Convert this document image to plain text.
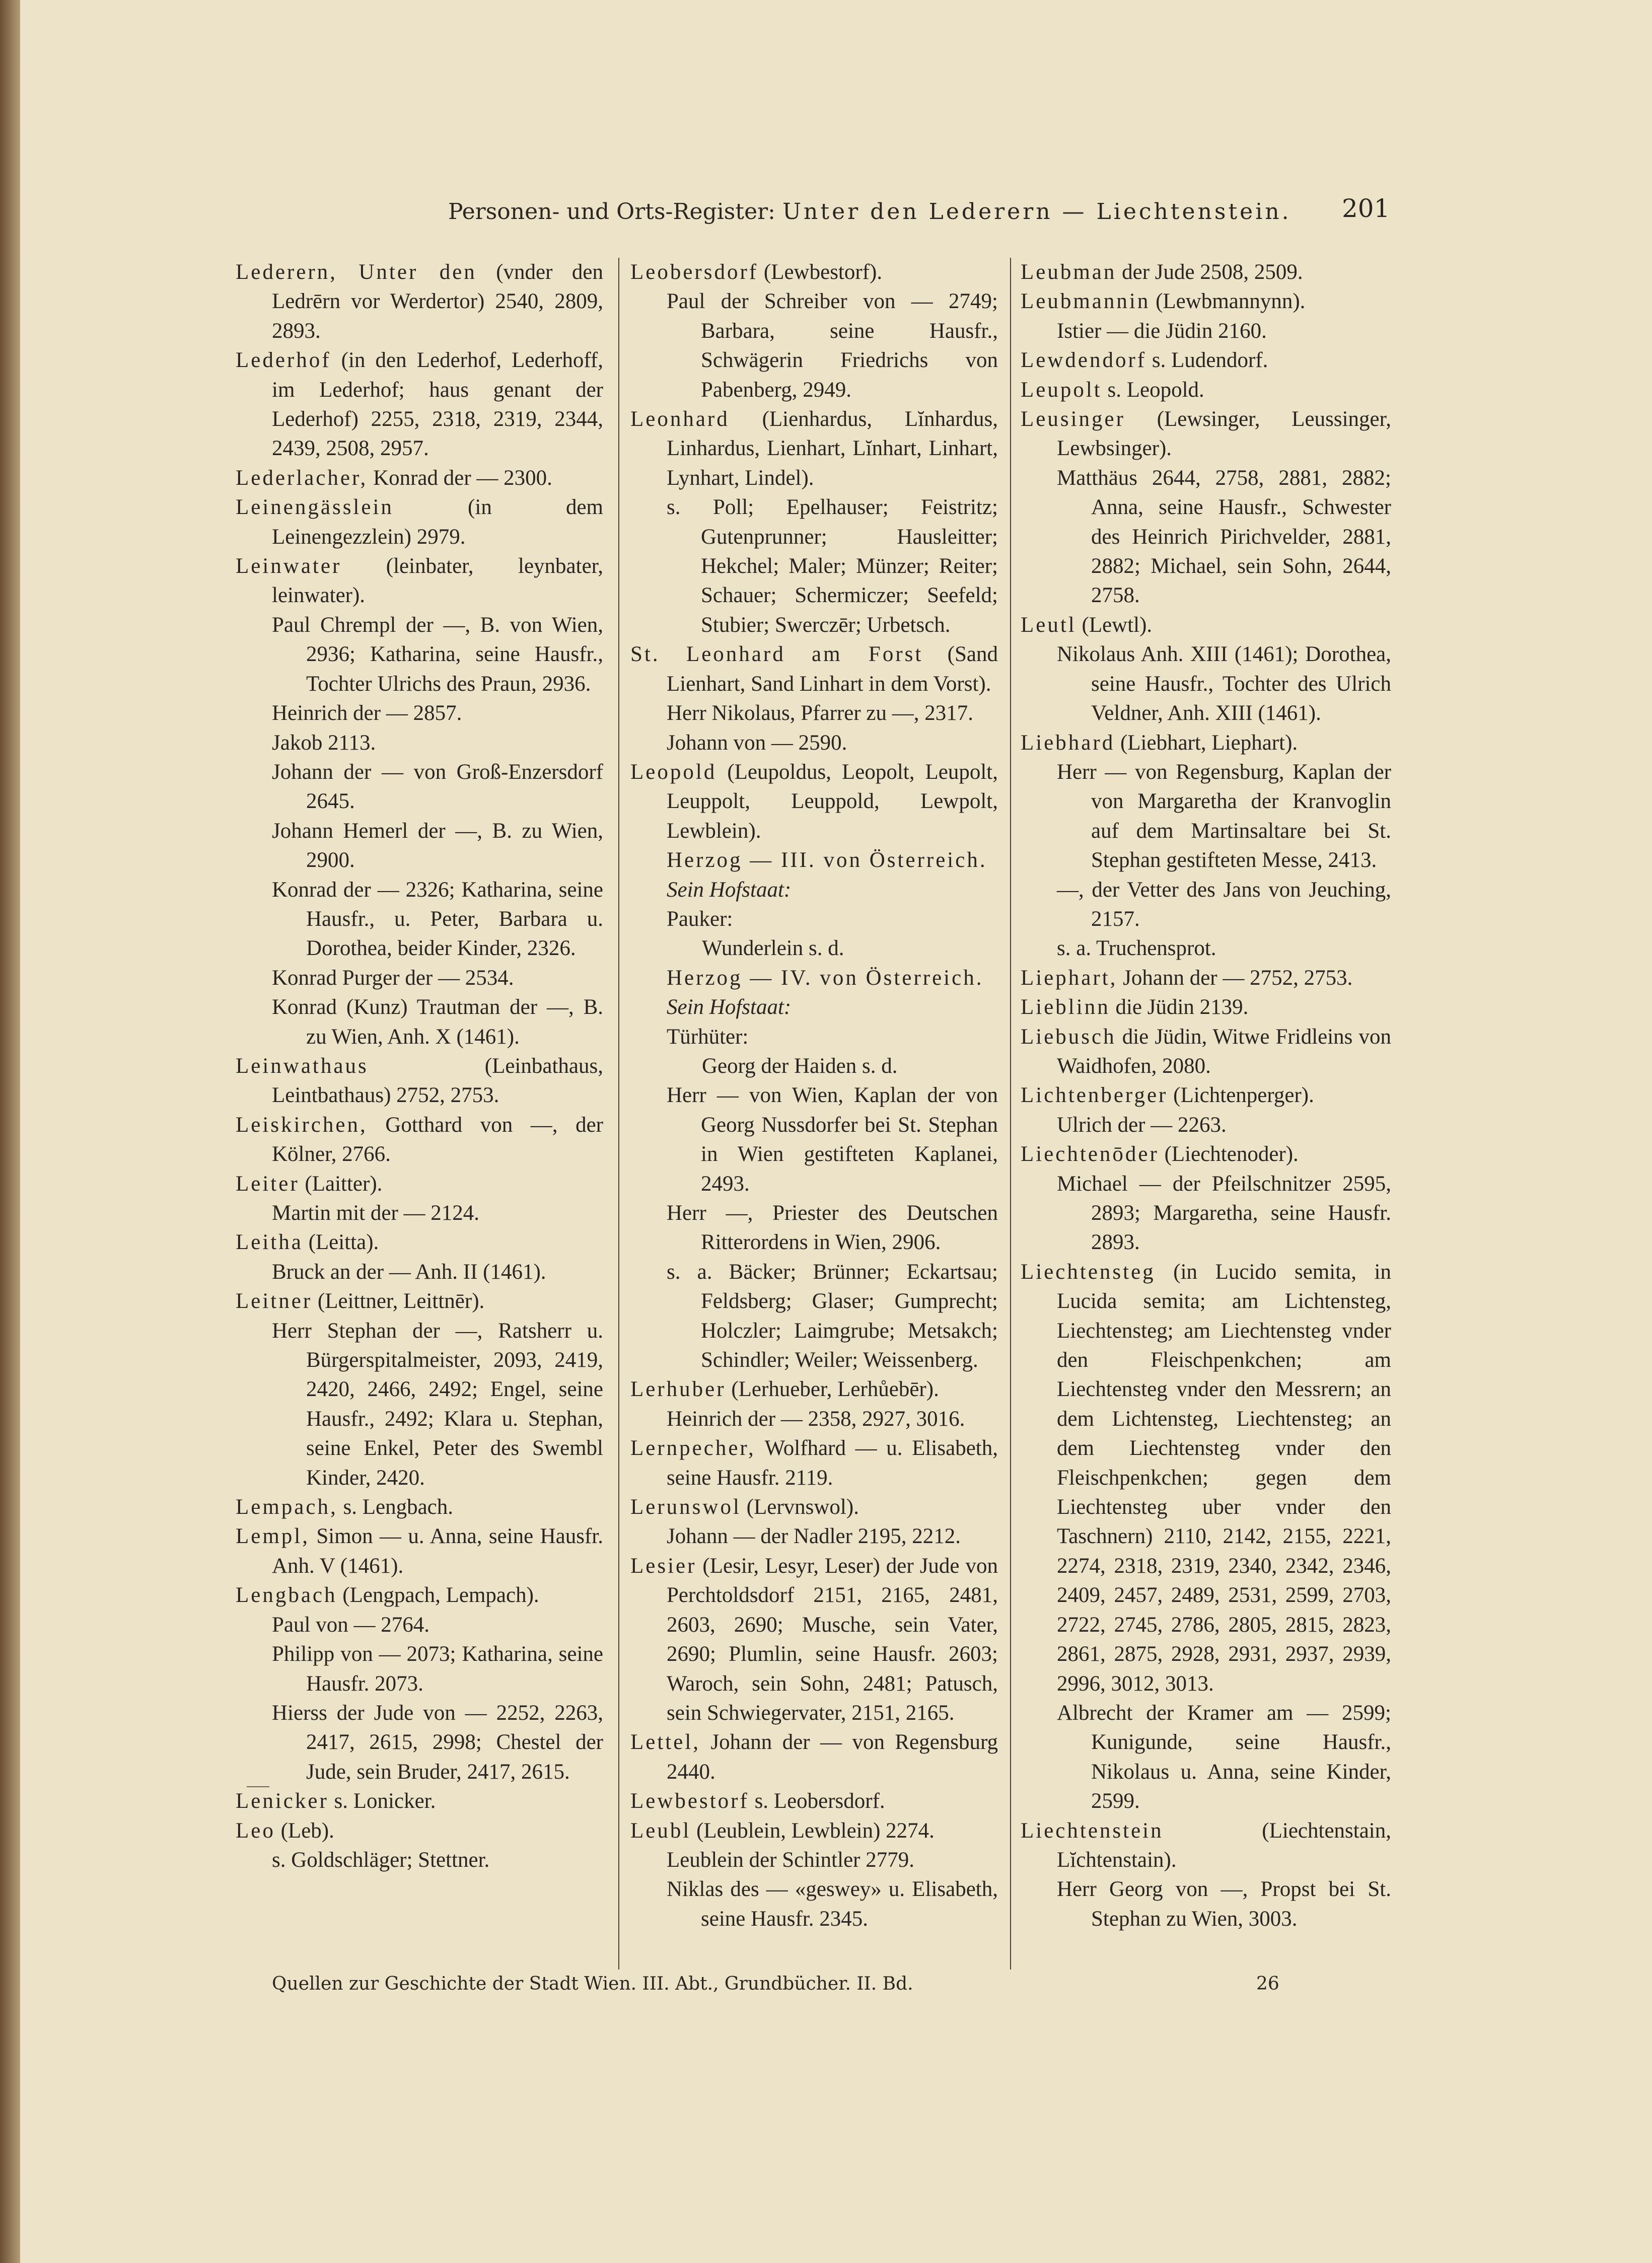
Personen- und Orts-Register: Unter den Lederern — Liechtenstein. 201
Lederern, Unter den (vnder den Ledrērn vor Werdertor) 2540, 2809, 2893.
Lederhof (in den Lederhof, Lederhoff, im Lederhof; haus genant der Lederhof) 2255, 2318, 2319, 2344, 2439, 2508, 2957.
Lederlacher, Konrad der — 2300.
Leinengässlein (in dem Leinengezzlein) 2979.
Leinwater (leinbater, leynbater, leinwater).
Paul Chrempl der —, B. von Wien, 2936; Katharina, seine Hausfr., Tochter Ulrichs des Praun, 2936.
Heinrich der — 2857.
Jakob 2113.
Johann der — von Groß-Enzersdorf 2645.
Johann Hemerl der —, B. zu Wien, 2900.
Konrad der — 2326; Katharina, seine Hausfr., u. Peter, Barbara u. Dorothea, beider Kinder, 2326.
Konrad Purger der — 2534.
Konrad (Kunz) Trautman der —, B. zu Wien, Anh. X (1461).
Leinwathaus (Leinbathaus, Leintbathaus) 2752, 2753.
Leiskirchen, Gotthard von —, der Kölner, 2766.
Leiter (Laitter).
Martin mit der — 2124.
Leitha (Leitta).
Bruck an der — Anh. II (1461).
Leitner (Leittner, Leittnēr).
Herr Stephan der —, Ratsherr u. Bürgerspitalmeister, 2093, 2419, 2420, 2466, 2492; Engel, seine Hausfr., 2492; Klara u. Stephan, seine Enkel, Peter des Swembl Kinder, 2420.
Lempach, s. Lengbach.
Lempl, Simon — u. Anna, seine Hausfr. Anh. V (1461).
Lengbach (Lengpach, Lempach).
Paul von — 2764.
Philipp von — 2073; Katharina, seine Hausfr. 2073.
Hierss der Jude von — 2252, 2263, 2417, 2615, 2998; Chestel der Jude, sein Bruder, 2417, 2615.
Lenicker s. Lonicker.
Leo (Leb).
s. Goldschläger; Stettner.
Leobersdorf (Lewbestorf).
Paul der Schreiber von — 2749; Barbara, seine Hausfr., Schwägerin Friedrichs von Pabenberg, 2949.
Leonhard (Lienhardus, Lĭnhardus, Linhardus, Lienhart, Lĭnhart, Linhart, Lynhart, Lindel).
s. Poll; Epelhauser; Feistritz; Gutenprunner; Hausleitter; Hekchel; Maler; Münzer; Reiter; Schauer; Schermiczer; Seefeld; Stubier; Swerczēr; Urbetsch.
St. Leonhard am Forst (Sand Lienhart, Sand Linhart in dem Vorst).
Herr Nikolaus, Pfarrer zu —, 2317.
Johann von — 2590.
Leopold (Leupoldus, Leopolt, Leupolt, Leuppolt, Leuppold, Lewpolt, Lewblein).
Herzog — III. von Österreich.
Sein Hofstaat:
Pauker:
Wunderlein s. d.
Herzog — IV. von Österreich.
Sein Hofstaat:
Türhüter:
Georg der Haiden s. d.
Herr — von Wien, Kaplan der von Georg Nussdorfer bei St. Stephan in Wien gestifteten Kaplanei, 2493.
Herr —, Priester des Deutschen Ritterordens in Wien, 2906.
s. a. Bäcker; Brünner; Eckartsau; Feldsberg; Glaser; Gumprecht; Holczler; Laimgrube; Metsakch; Schindler; Weiler; Weissenberg.
Lerhuber (Lerhueber, Lerhůebēr).
Heinrich der — 2358, 2927, 3016.
Lernpecher, Wolfhard — u. Elisabeth, seine Hausfr. 2119.
Lerunswol (Lervnswol).
Johann — der Nadler 2195, 2212.
Lesier (Lesir, Lesyr, Leser) der Jude von Perchtoldsdorf 2151, 2165, 2481, 2603, 2690; Musche, sein Vater, 2690; Plumlin, seine Hausfr. 2603; Waroch, sein Sohn, 2481; Patusch, sein Schwiegervater, 2151, 2165.
Lettel, Johann der — von Regensburg 2440.
Lewbestorf s. Leobersdorf.
Leubl (Leublein, Lewblein) 2274.
Leublein der Schintler 2779.
Niklas des — «geswey» u. Elisabeth, seine Hausfr. 2345.
Leubman der Jude 2508, 2509.
Leubmannin (Lewbmannynn).
Istier — die Jüdin 2160.
Lewdendorf s. Ludendorf.
Leupolt s. Leopold.
Leusinger (Lewsinger, Leussinger, Lewbsinger).
Matthäus 2644, 2758, 2881, 2882; Anna, seine Hausfr., Schwester des Heinrich Pirichvelder, 2881, 2882; Michael, sein Sohn, 2644, 2758.
Leutl (Lewtl).
Nikolaus Anh. XIII (1461); Dorothea, seine Hausfr., Tochter des Ulrich Veldner, Anh. XIII (1461).
Liebhard (Liebhart, Liephart).
Herr — von Regensburg, Kaplan der von Margaretha der Kranvoglin auf dem Martinsaltare bei St. Stephan gestifteten Messe, 2413.
—, der Vetter des Jans von Jeuching, 2157.
s. a. Truchensprot.
Liephart, Johann der — 2752, 2753.
Lieblinn die Jüdin 2139.
Liebusch die Jüdin, Witwe Fridleins von Waidhofen, 2080.
Lichtenberger (Lichtenperger).
Ulrich der — 2263.
Liechtenōder (Liechtenoder).
Michael — der Pfeilschnitzer 2595, 2893; Margaretha, seine Hausfr. 2893.
Liechtensteg (in Lucido semita, in Lucida semita; am Lichtensteg, Liechtensteg; am Liechtensteg vnder den Fleischpenkchen; am Liechtensteg vnder den Messrern; an dem Lichtensteg, Liechtensteg; an dem Liechtensteg vnder den Fleischpenkchen; gegen dem Liechtensteg uber vnder den Taschnern) 2110, 2142, 2155, 2221, 2274, 2318, 2319, 2340, 2342, 2346, 2409, 2457, 2489, 2531, 2599, 2703, 2722, 2745, 2786, 2805, 2815, 2823, 2861, 2875, 2928, 2931, 2937, 2939, 2996, 3012, 3013.
Albrecht der Kramer am — 2599; Kunigunde, seine Hausfr., Nikolaus u. Anna, seine Kinder, 2599.
Liechtenstein (Liechtenstain, Lĭchtenstain).
Herr Georg von —, Propst bei St. Stephan zu Wien, 3003.
Quellen zur Geschichte der Stadt Wien. III. Abt., Grundbücher. II. Bd.	26
